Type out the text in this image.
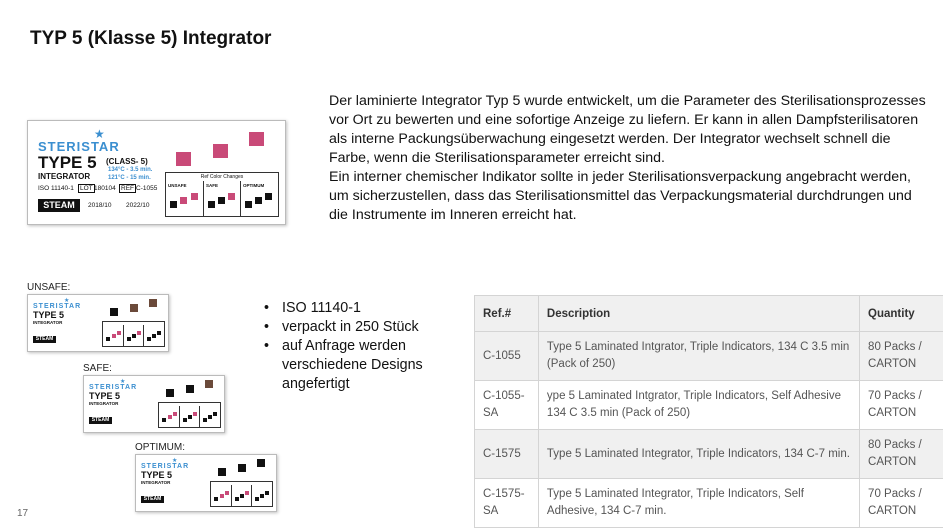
TYP 5 (Klasse 5) Integrator

Der laminierte Integrator Typ 5 wurde entwickelt, um die Parameter des Sterilisationsprozesses vor Ort zu bewerten und eine sofortige Anzeige zu liefern. Er kann in allen Dampfsterilisatoren als interne Packungsüberwachung eingesetzt werden. Der Integrator wechselt schnell die Farbe, wenn die Sterilisationsparameter erreicht sind.

Ein interner chemischer Indikator sollte in jeder Sterilisationsverpackung angebracht werden, um sicherzustellen, dass das Sterilisationsmittel das Verpackungsmaterial durchdrungen und die Instrumente im Inneren erreicht hat.

★
STERISTAR
TYPE 5 (CLASS- 5)
INTEGRATOR
134°C - 3.5 min.
121°C - 15 min.
ISO 11140-1 LOT 180104 REF C-1055
STEAM	2018/10 2022/10
Ref Color Changes
UNSAFE	SAFE	OPTIMUM
UNSAFE:
SAFE:
OPTIMUM:
★
STERISTAR
TYPE 5
INTEGRATOR
STEAM
★
STERISTAR
TYPE 5
INTEGRATOR
STEAM
★
STERISTAR
TYPE 5
INTEGRATOR
STEAM
• ISO 11140-1
• verpackt in 250 Stück
• auf Anfrage werden verschiedene Designs angefertigt
Ref.#	Description	Quantity
C-1055	Type 5 Laminated Intgrator, Triple Indicators, 134 C 3.5 min (Pack of 250)	80 Packs / CARTON
C-1055-SA	ype 5 Laminated Intgrator, Triple Indicators, Self Adhesive 134 C 3.5 min (Pack of 250)	70 Packs / CARTON
C-1575	Type 5 Laminated Integrator, Triple Indicators, 134 C-7 min.	80 Packs / CARTON
C-1575-SA	Type 5 Laminated Integrator, Triple Indicators, Self Adhesive, 134 C-7 min.	70 Packs / CARTON
17
